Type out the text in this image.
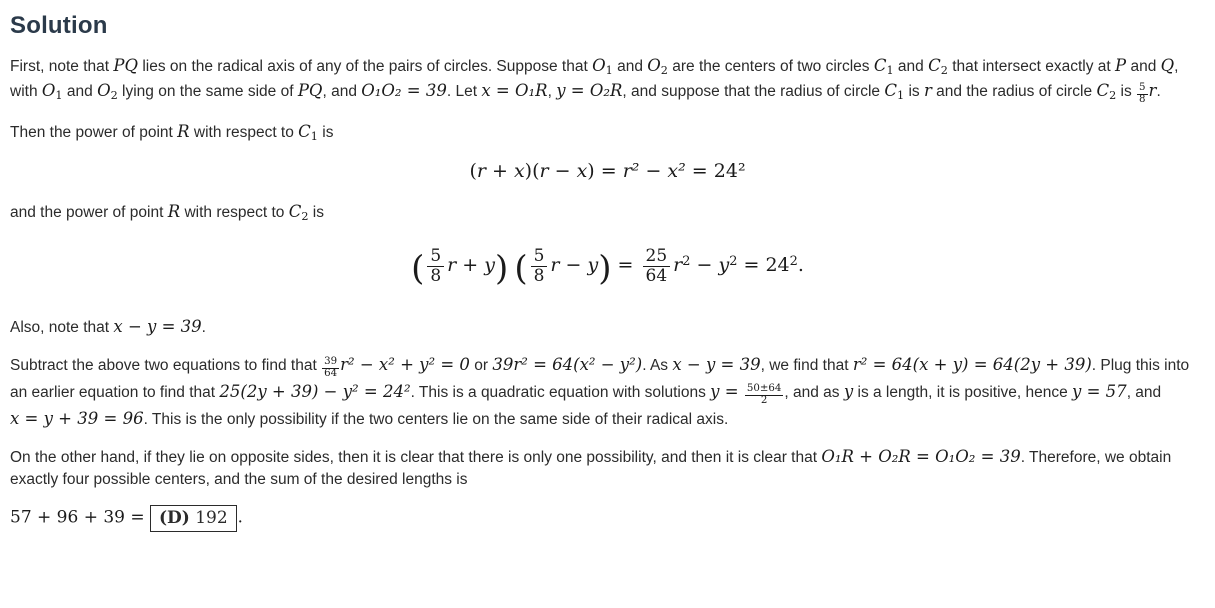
Solution

First, note that PQ lies on the radical axis of any of the pairs of circles. Suppose that $O_1$ and $O_2$ are the centers of two circles $C_1$ and $C_2$ that intersect exactly at P and Q, with $O_1$ and $O_2$ lying on the same side of PQ, and O₁O₂ = 39. Let x = O₁R, y = O₂R, and suppose that the radius of circle $C_1$ is r and the radius of circle $C_2$ is $\frac{5}{8} r$.

Then the power of point R with respect to $C_1$ is

(r + x)(r − x) = r² − x² = 24²

and the power of point R with respect to $C_2$ is

( $\frac{5}{8}$ r + y) ( $\frac{5}{8}$ $r - y) = \frac{25}{64} r^2 - y^2 = 24^2$.

Also, note that x − y = 39.

Subtract the above two equations to find that $\frac{39}{64} r^2 - x^2 + y^2 = 0$ or 39r² = 64(x² − y²). As x − y = 39, we find that r² = 64(x + y) = 64(2y + 39). Plug this into an earlier equation to find that 25(2y + 39) − y² = 24². This is a quadratic equation with solutions $y = \frac{50\pm 64}{2}$ , and as y is a length, it is positive, hence y = 57, and x = y + 39 = 96. This is the only possibility if the two centers lie on the same side of their radical axis.

On the other hand, if they lie on opposite sides, then it is clear that there is only one possibility, and then it is clear that O₁R + O₂R = O₁O₂ = 39. Therefore, we obtain exactly four possible centers, and the sum of the desired lengths is

57 + 96 + 39 = (D) 192 .
